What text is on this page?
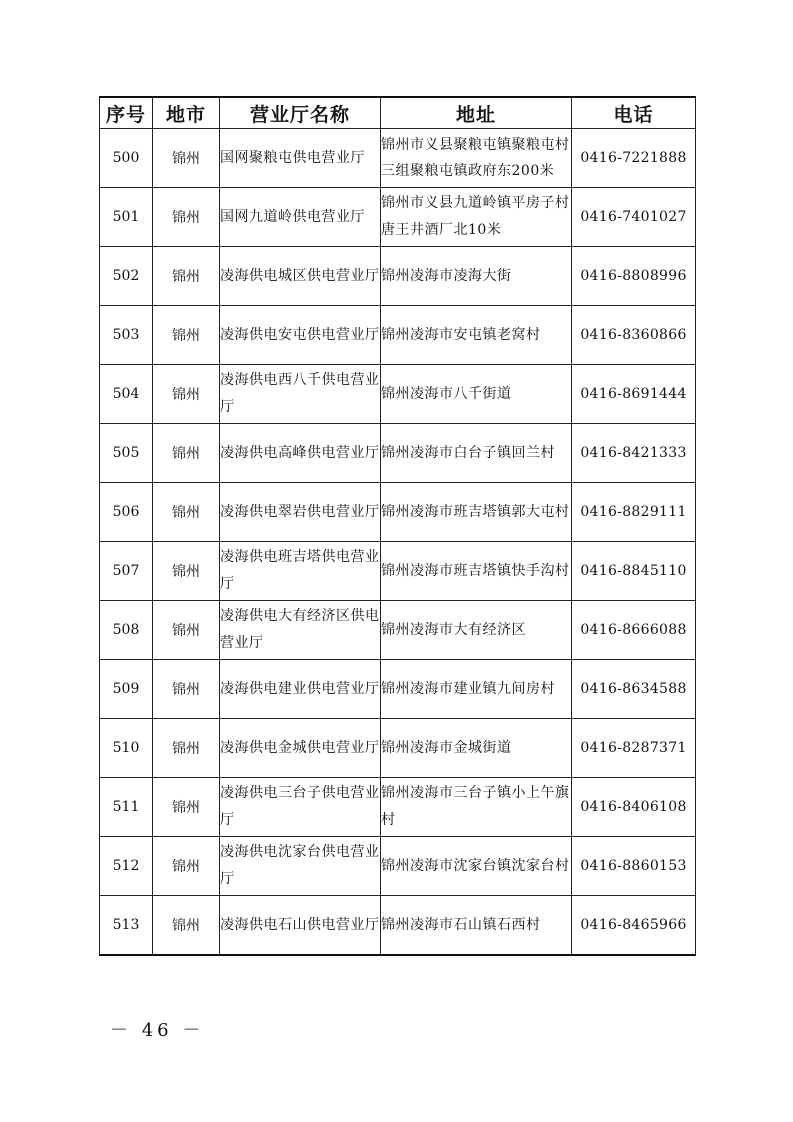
序号	地市	营业厅名称	地址	电话
500	锦州	国网聚粮屯供电营业厅	锦州市义县聚粮屯镇聚粮屯村三组聚粮屯镇政府东200米	0416-7221888
501	锦州	国网九道岭供电营业厅	锦州市义县九道岭镇平房子村唐王井酒厂北10米	0416-7401027
502	锦州	凌海供电城区供电营业厅	锦州凌海市凌海大街	0416-8808996
503	锦州	凌海供电安屯供电营业厅	锦州凌海市安屯镇老窝村	0416-8360866
504	锦州	凌海供电西八千供电营业厅	锦州凌海市八千街道	0416-8691444
505	锦州	凌海供电高峰供电营业厅	锦州凌海市白台子镇回兰村	0416-8421333
506	锦州	凌海供电翠岩供电营业厅	锦州凌海市班吉塔镇郭大屯村	0416-8829111
507	锦州	凌海供电班吉塔供电营业厅	锦州凌海市班吉塔镇快手沟村	0416-8845110
508	锦州	凌海供电大有经济区供电营业厅	锦州凌海市大有经济区	0416-8666088
509	锦州	凌海供电建业供电营业厅	锦州凌海市建业镇九间房村	0416-8634588
510	锦州	凌海供电金城供电营业厅	锦州凌海市金城街道	0416-8287371
511	锦州	凌海供电三台子供电营业厅	锦州凌海市三台子镇小上午旗村	0416-8406108
512	锦州	凌海供电沈家台供电营业厅	锦州凌海市沈家台镇沈家台村	0416-8860153
513	锦州	凌海供电石山供电营业厅	锦州凌海市石山镇石西村	0416-8465966
－ 46 －
